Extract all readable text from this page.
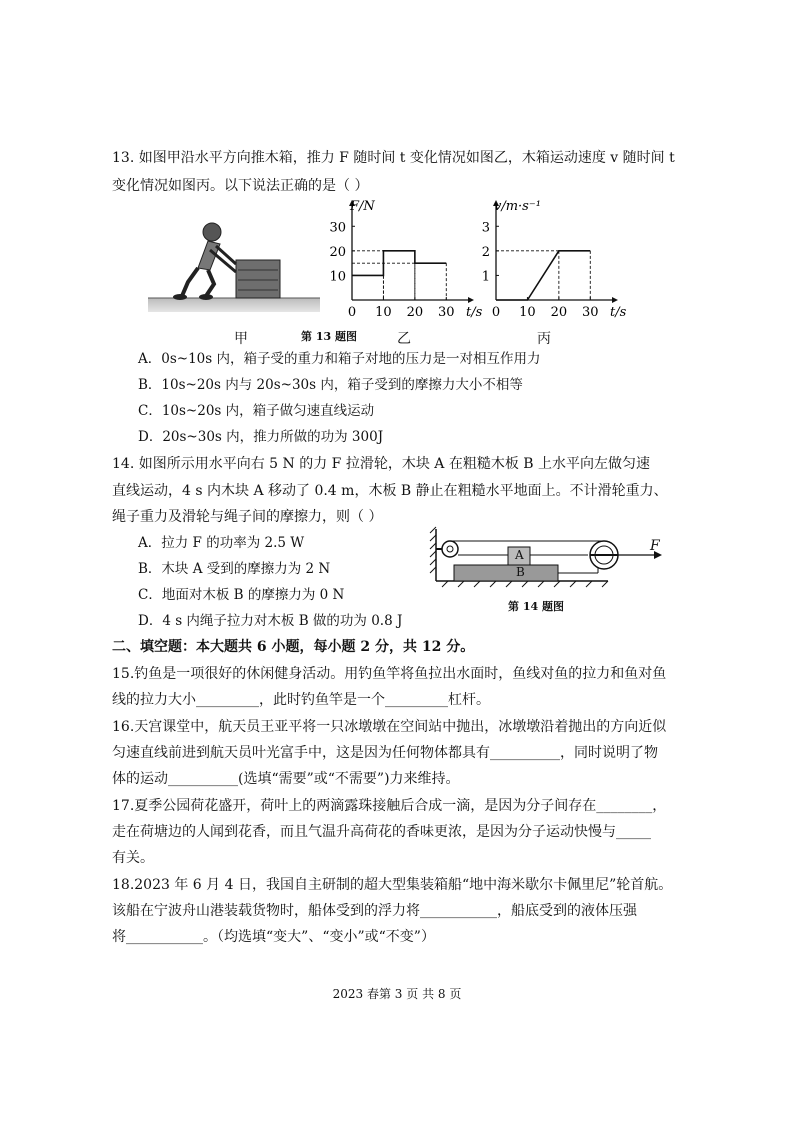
13. 如图甲沿水平方向推木箱，推力 F 随时间 t 变化情况如图乙，木箱运动速度 v 随时间 t
变化情况如图丙。以下说法正确的是（ ）
甲	第 13 题图
0 10 20 30
10
20
30
F/N
t/s
乙
0 10 20 30
1
2
3
v/m·s⁻¹
t/s
丙
A．0s~10s 内，箱子受的重力和箱子对地的压力是一对相互作用力
B．10s~20s 内与 20s~30s 内，箱子受到的摩擦力大小不相等
C．10s~20s 内，箱子做匀速直线运动
D．20s~30s 内，推力所做的功为 300J
14. 如图所示用水平向右 5 N 的力 F 拉滑轮，木块 A 在粗糙木板 B 上水平向左做匀速
直线运动，4 s 内木块 A 移动了 0.4 m，木板 B 静止在粗糙水平地面上。不计滑轮重力、
绳子重力及滑轮与绳子间的摩擦力，则（ ）
A．拉力 F 的功率为 2.5 W
B．木块 A 受到的摩擦力为 2 N
C．地面对木板 B 的摩擦力为 0 N
D．4 s 内绳子拉力对木板 B 做的功为 0.8 J
A
B
F
第 14 题图
二、填空题：本大题共 6 小题，每小题 2 分，共 12 分。
15.钓鱼是一项很好的休闲健身活动。用钓鱼竿将鱼拉出水面时，鱼线对鱼的拉力和鱼对鱼
线的拉力大小_________，此时钓鱼竿是一个_________杠杆。
16.天宫课堂中，航天员王亚平将一只冰墩墩在空间站中抛出，冰墩墩沿着抛出的方向近似
匀速直线前进到航天员叶光富手中，这是因为任何物体都具有__________，同时说明了物
体的运动__________(选填“需要”或“不需要”)力来维持。
17.夏季公园荷花盛开，荷叶上的两滴露珠接触后合成一滴，是因为分子间存在________，
走在荷塘边的人闻到花香，而且气温升高荷花的香味更浓，是因为分子运动快慢与_____
有关。
18.2023 年 6 月 4 日，我国自主研制的超大型集装箱船“地中海米歇尔卡佩里尼”轮首航。
该船在宁波舟山港装载货物时，船体受到的浮力将___________，船底受到的液体压强
将___________。（均选填“变大”、“变小”或“不变”）
2023 春第 3 页 共 8 页
